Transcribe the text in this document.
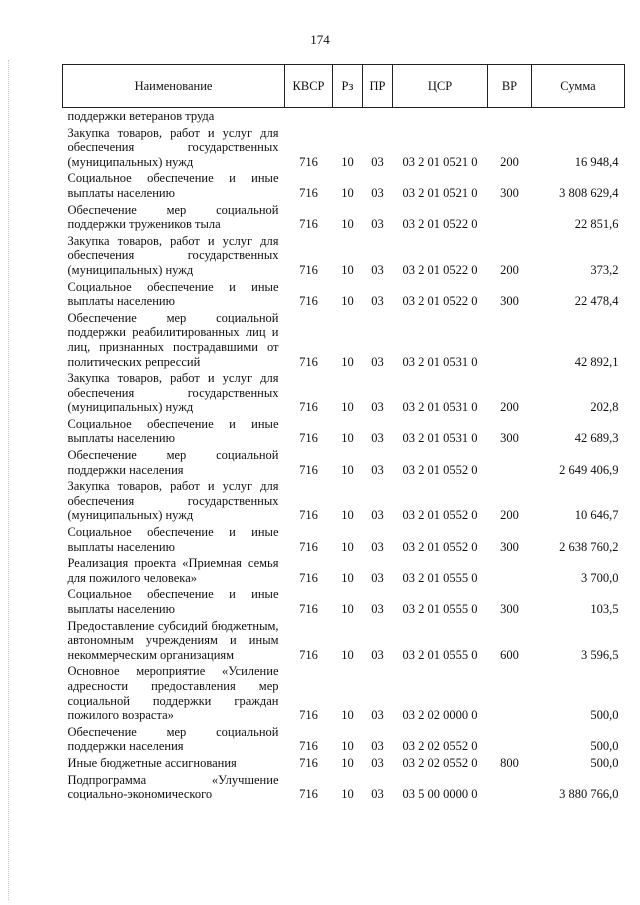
174
Наименование	КВСР	Рз	ПР	ЦСР	ВР	Сумма
поддержки ветеранов труда						
Закупка товаров, работ и услуг для обеспечения государственных (муниципальных) нужд	716	10	03	03 2 01 0521 0	200	16 948,4
Социальное обеспечение и иные выплаты населению	716	10	03	03 2 01 0521 0	300	3 808 629,4
Обеспечение мер социальной поддержки тружеников тыла	716	10	03	03 2 01 0522 0		22 851,6
Закупка товаров, работ и услуг для обеспечения государственных (муниципальных) нужд	716	10	03	03 2 01 0522 0	200	373,2
Социальное обеспечение и иные выплаты населению	716	10	03	03 2 01 0522 0	300	22 478,4
Обеспечение мер социальной поддержки реабилитированных лиц и лиц, признанных пострадавшими от политических репрессий	716	10	03	03 2 01 0531 0		42 892,1
Закупка товаров, работ и услуг для обеспечения государственных (муниципальных) нужд	716	10	03	03 2 01 0531 0	200	202,8
Социальное обеспечение и иные выплаты населению	716	10	03	03 2 01 0531 0	300	42 689,3
Обеспечение мер социальной поддержки населения	716	10	03	03 2 01 0552 0		2 649 406,9
Закупка товаров, работ и услуг для обеспечения государственных (муниципальных) нужд	716	10	03	03 2 01 0552 0	200	10 646,7
Социальное обеспечение и иные выплаты населению	716	10	03	03 2 01 0552 0	300	2 638 760,2
Реализация проекта «Приемная семья для пожилого человека»	716	10	03	03 2 01 0555 0		3 700,0
Социальное обеспечение и иные выплаты населению	716	10	03	03 2 01 0555 0	300	103,5
Предоставление субсидий бюджетным, автономным учреждениям и иным некоммерческим организациям	716	10	03	03 2 01 0555 0	600	3 596,5
Основное мероприятие «Усиление адресности предоставления мер социальной поддержки граждан пожилого возраста»	716	10	03	03 2 02 0000 0		500,0
Обеспечение мер социальной поддержки населения	716	10	03	03 2 02 0552 0		500,0
Иные бюджетные ассигнования	716	10	03	03 2 02 0552 0	800	500,0
Подпрограмма «Улучшение социально-экономического	716	10	03	03 5 00 0000 0		3 880 766,0
